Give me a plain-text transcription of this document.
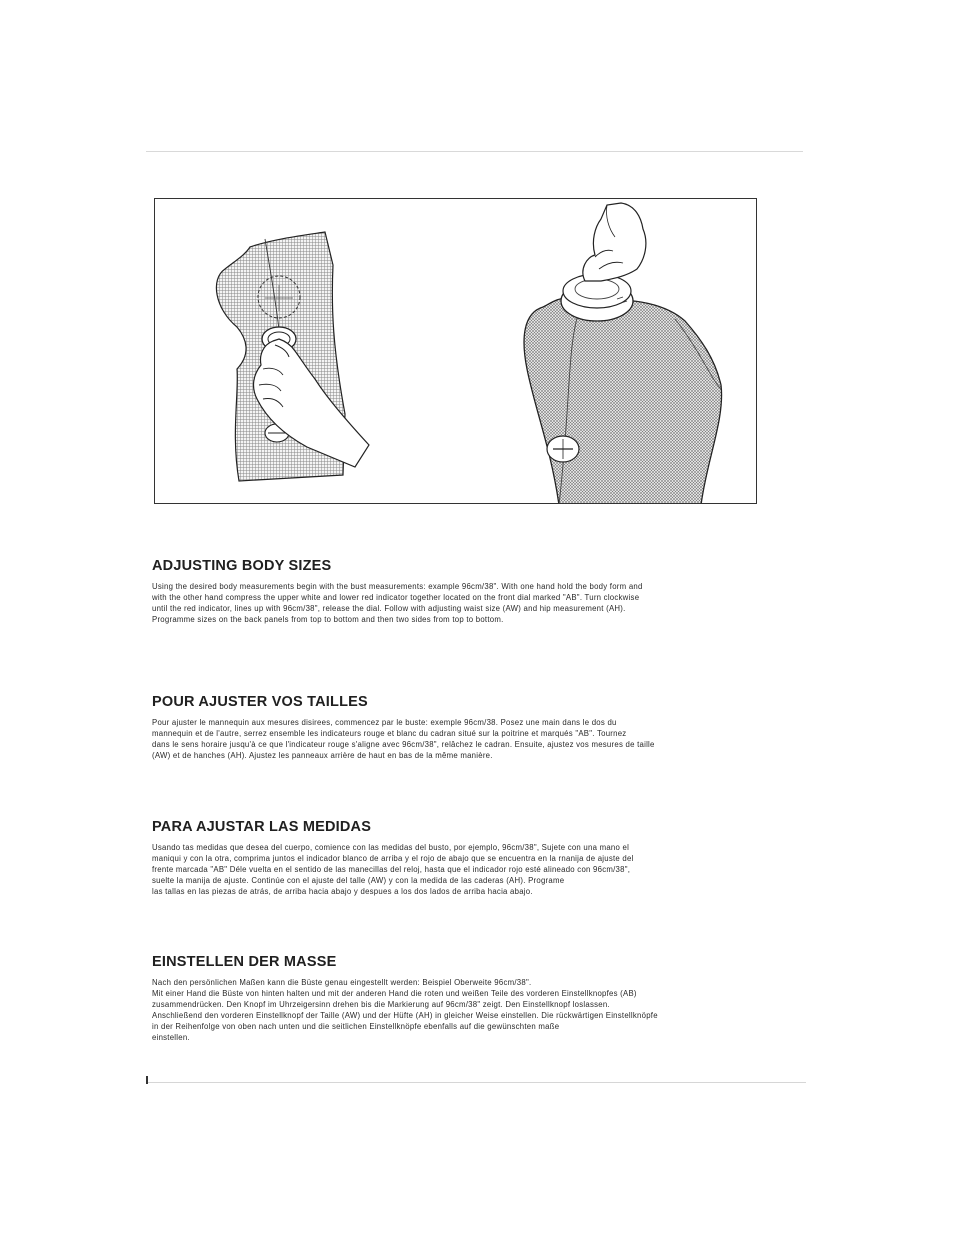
ADJUSTING BODY SIZES

Using the desired body measurements begin with the bust measurements: example 96cm/38". With one hand hold the body form and
with the other hand compress the upper white and lower red indicator together located on the front dial marked "AB". Turn clockwise
until the red indicator, lines up with 96cm/38", release the dial. Follow with adjusting waist size (AW) and hip measurement (AH).
Programme sizes on the back panels from top to bottom and then two sides from top to bottom.

POUR AJUSTER VOS TAILLES

Pour ajuster le mannequin aux mesures disirees, commencez par le buste: exemple 96cm/38. Posez une main dans le dos du
mannequin et de l'autre, serrez ensemble les indicateurs rouge et blanc du cadran situé sur la poitrine et marqués "AB". Tournez
dans le sens horaire jusqu'à ce que l'indicateur rouge s'aligne avec 96cm/38", relâchez le cadran. Ensuite, ajustez vos mesures de taille
(AW) et de hanches (AH). Ajustez les panneaux arrière de haut en bas de la même manière.

PARA AJUSTAR LAS MEDIDAS

Usando tas medidas que desea del cuerpo, comience con las medidas del busto, por ejemplo, 96cm/38", Sujete con una mano el
maniqui y con la otra, comprima juntos el indicador blanco de arriba y el rojo de abajo que se encuentra en la rnanija de ajuste del
frente marcada "AB" Déle vuelta en el sentido de las manecillas del reloj, hasta que el indicador rojo esté alineado con 96cm/38",
suelte la manija de ajuste. Continúe con el ajuste del talle (AW) y con la medida de las caderas (AH). Programe
las tallas en las piezas de atrás, de arriba hacia abajo y despues a los dos lados de arriba hacia abajo.

EINSTELLEN DER MASSE

Nach den persönlichen Maßen kann die Büste genau eingestellt werden: Beispiel Oberweite 96cm/38".
Mit einer Hand die Büste von hinten halten und mit der anderen Hand die roten und weißen Teile des vorderen Einstellknopfes (AB)
zusammendrücken. Den Knopf im Uhrzeigersinn drehen bis die Markierung auf 96cm/38" zeigt. Den Einstellknopf loslassen.
Anschließend den vorderen Einstellknopf der Taille (AW) und der Hüfte (AH) in gleicher Weise einstellen. Die rückwärtigen Einstellknöpfe
in der Reihenfolge von oben nach unten und die seitlichen Einstellknöpfe ebenfalls auf die gewünschten maße
einstellen.
